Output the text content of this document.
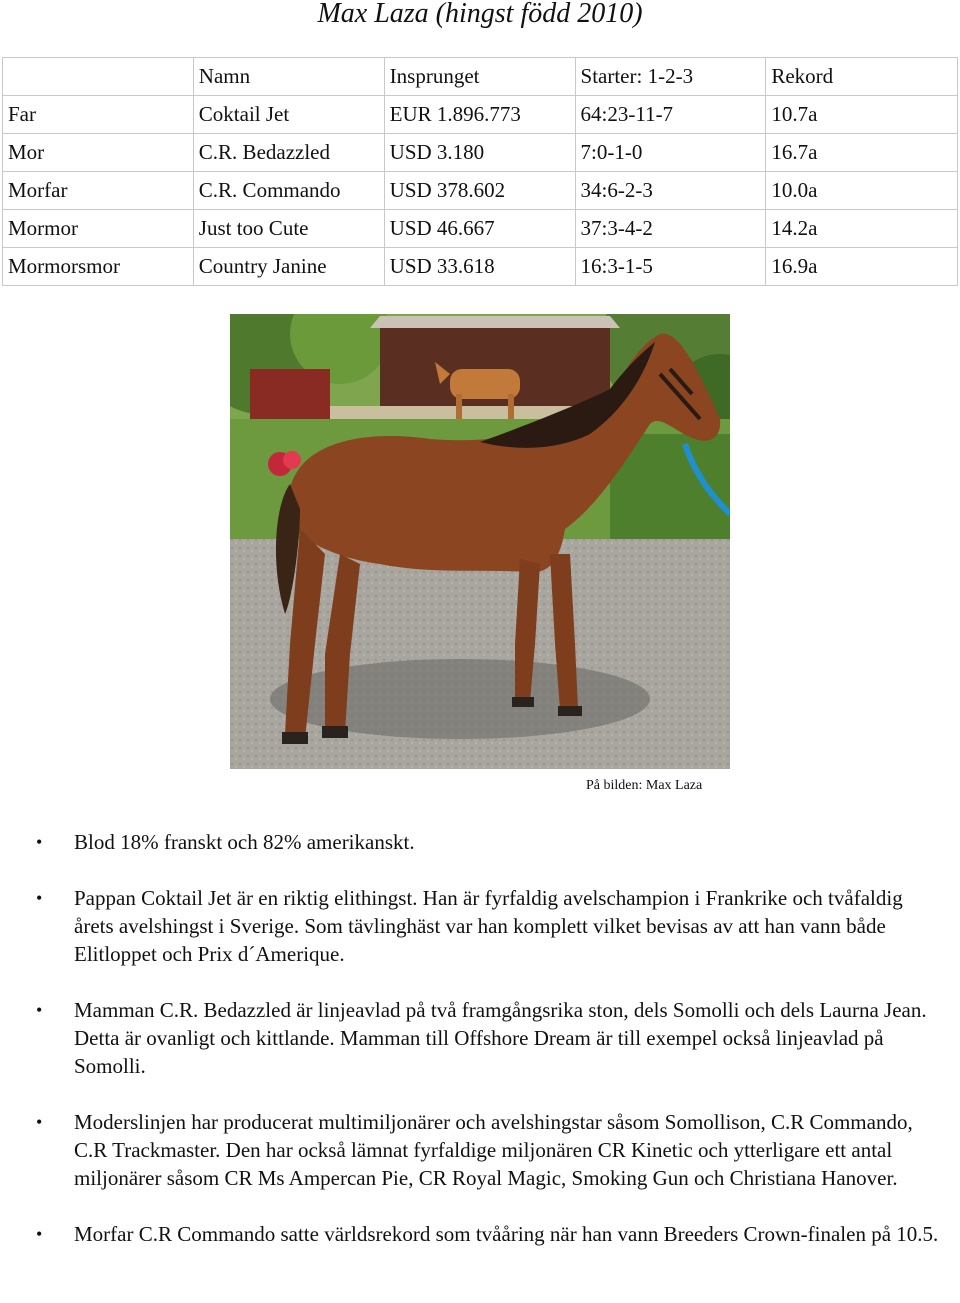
Max Laza (hingst född 2010)
	Namn	Insprunget	Starter: 1-2-3	Rekord
Far	Coktail Jet	EUR 1.896.773	64:23-11-7	10.7a
Mor	C.R. Bedazzled	USD 3.180	7:0-1-0	16.7a
Morfar	C.R. Commando	USD 378.602	34:6-2-3	10.0a
Mormor	Just too Cute	USD 46.667	37:3-4-2	14.2a
Mormorsmor	Country Janine	USD 33.618	16:3-1-5	16.9a
På bilden: Max Laza
• Blod 18% franskt och 82% amerikanskt.
• Pappan Coktail Jet är en riktig elithingst. Han är fyrfaldig avelschampion i Frankrike och tvåfaldig årets avelshingst i Sverige. Som tävlinghäst var han komplett vilket bevisas av att han vann både Elitloppet och Prix d´Amerique.
• Mamman C.R. Bedazzled är linjeavlad på två framgångsrika ston, dels Somolli och dels Laurna Jean. Detta är ovanligt och kittlande. Mamman till Offshore Dream är till exempel också linjeavlad på Somolli.
• Moderslinjen har producerat multimiljonärer och avelshingstar såsom Somollison, C.R Commando, C.R Trackmaster. Den har också lämnat fyrfaldige miljonären CR Kinetic och ytterligare ett antal miljonärer såsom CR Ms Ampercan Pie, CR Royal Magic, Smoking Gun och Christiana Hanover.
• Morfar C.R Commando satte världsrekord som tvååring när han vann Breeders Crown-finalen på 10.5.
